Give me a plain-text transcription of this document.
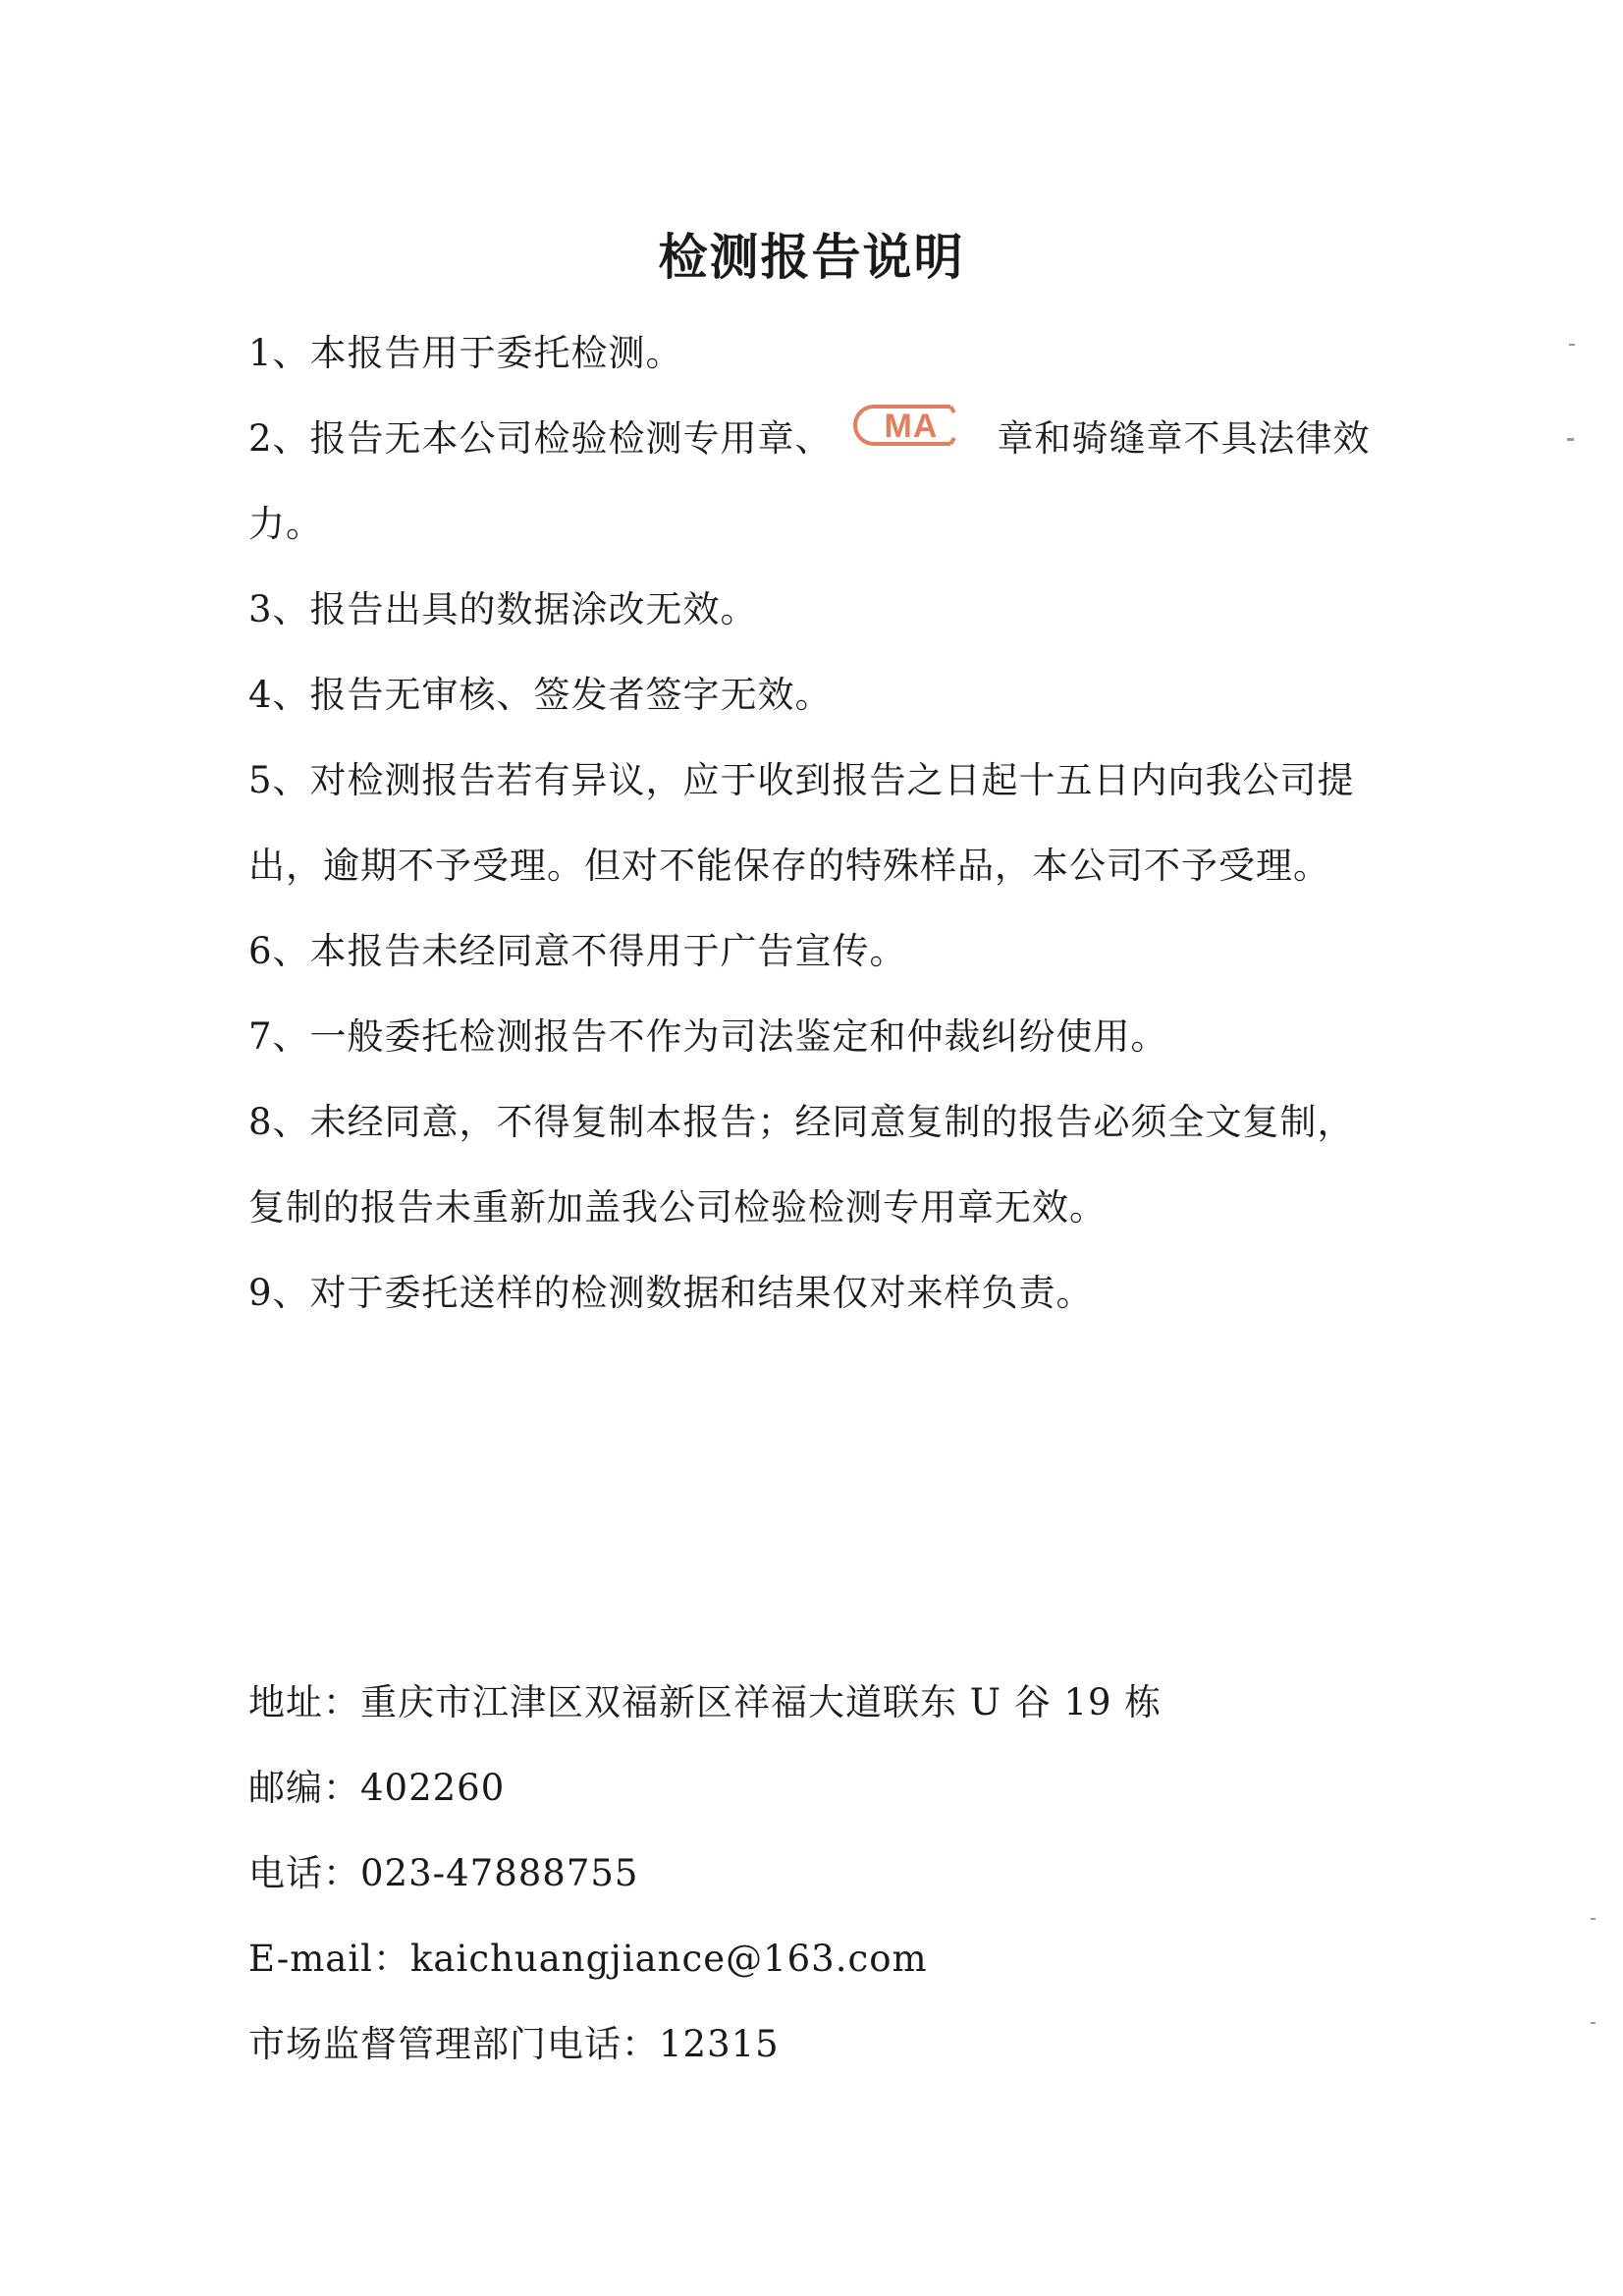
检测报告说明
1、本报告用于委托检测。
2、报告无本公司检验检测专用章、 MA 章和骑缝章不具法律效
力。
3、报告出具的数据涂改无效。
4、报告无审核、签发者签字无效。
5、对检测报告若有异议，应于收到报告之日起十五日内向我公司提
出，逾期不予受理。但对不能保存的特殊样品，本公司不予受理。
6、本报告未经同意不得用于广告宣传。
7、一般委托检测报告不作为司法鉴定和仲裁纠纷使用。
8、未经同意，不得复制本报告；经同意复制的报告必须全文复制，
复制的报告未重新加盖我公司检验检测专用章无效。
9、对于委托送样的检测数据和结果仅对来样负责。
地址：重庆市江津区双福新区祥福大道联东 U 谷 19 栋
邮编：402260
电话：023-47888755
E-mail：kaichuangjiance@163.com
市场监督管理部门电话：12315
